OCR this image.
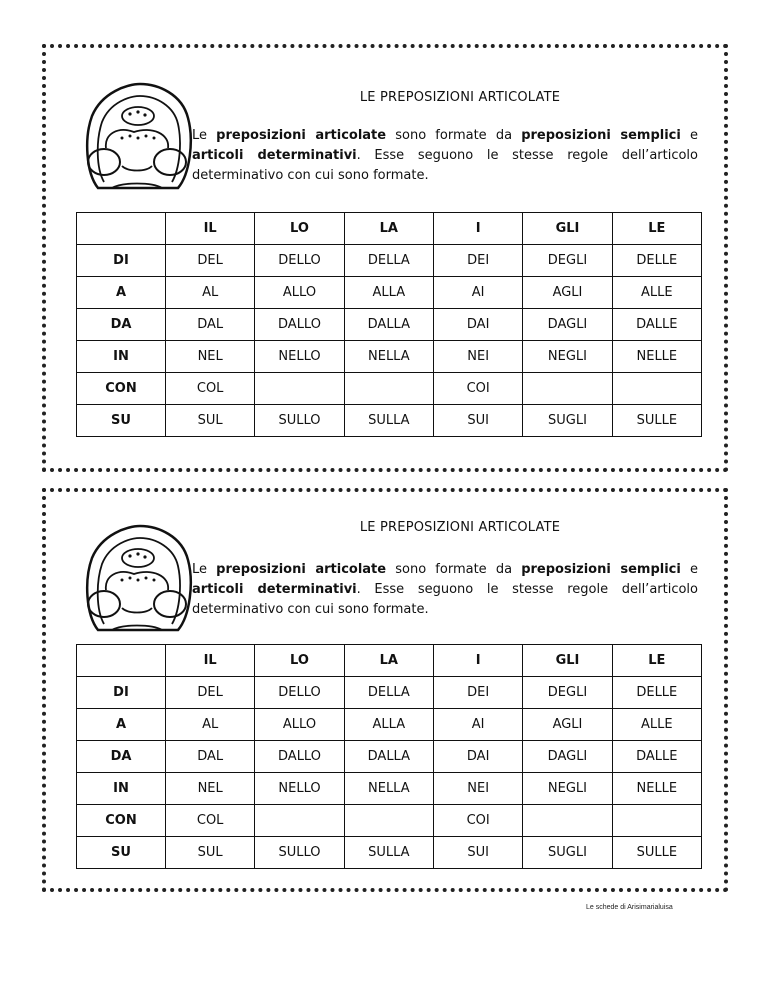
LE PREPOSIZIONI ARTICOLATE
Le preposizioni articolate sono formate da preposizioni semplici e articoli determinativi. Esse seguono le stesse regole dell’articolo determinativo con cui sono formate.
	IL	LO	LA	I	GLI	LE
DI	DEL	DELLO	DELLA	DEI	DEGLI	DELLE
A	AL	ALLO	ALLA	AI	AGLI	ALLE
DA	DAL	DALLO	DALLA	DAI	DAGLI	DALLE
IN	NEL	NELLO	NELLA	NEI	NEGLI	NELLE
CON	COL			COI		
SU	SUL	SULLO	SULLA	SUI	SUGLI	SULLE
LE PREPOSIZIONI ARTICOLATE
Le preposizioni articolate sono formate da preposizioni semplici e articoli determinativi. Esse seguono le stesse regole dell’articolo determinativo con cui sono formate.
	IL	LO	LA	I	GLI	LE
DI	DEL	DELLO	DELLA	DEI	DEGLI	DELLE
A	AL	ALLO	ALLA	AI	AGLI	ALLE
DA	DAL	DALLO	DALLA	DAI	DAGLI	DALLE
IN	NEL	NELLO	NELLA	NEI	NEGLI	NELLE
CON	COL			COI		
SU	SUL	SULLO	SULLA	SUI	SUGLI	SULLE
Le schede di Arisimarialuisa
